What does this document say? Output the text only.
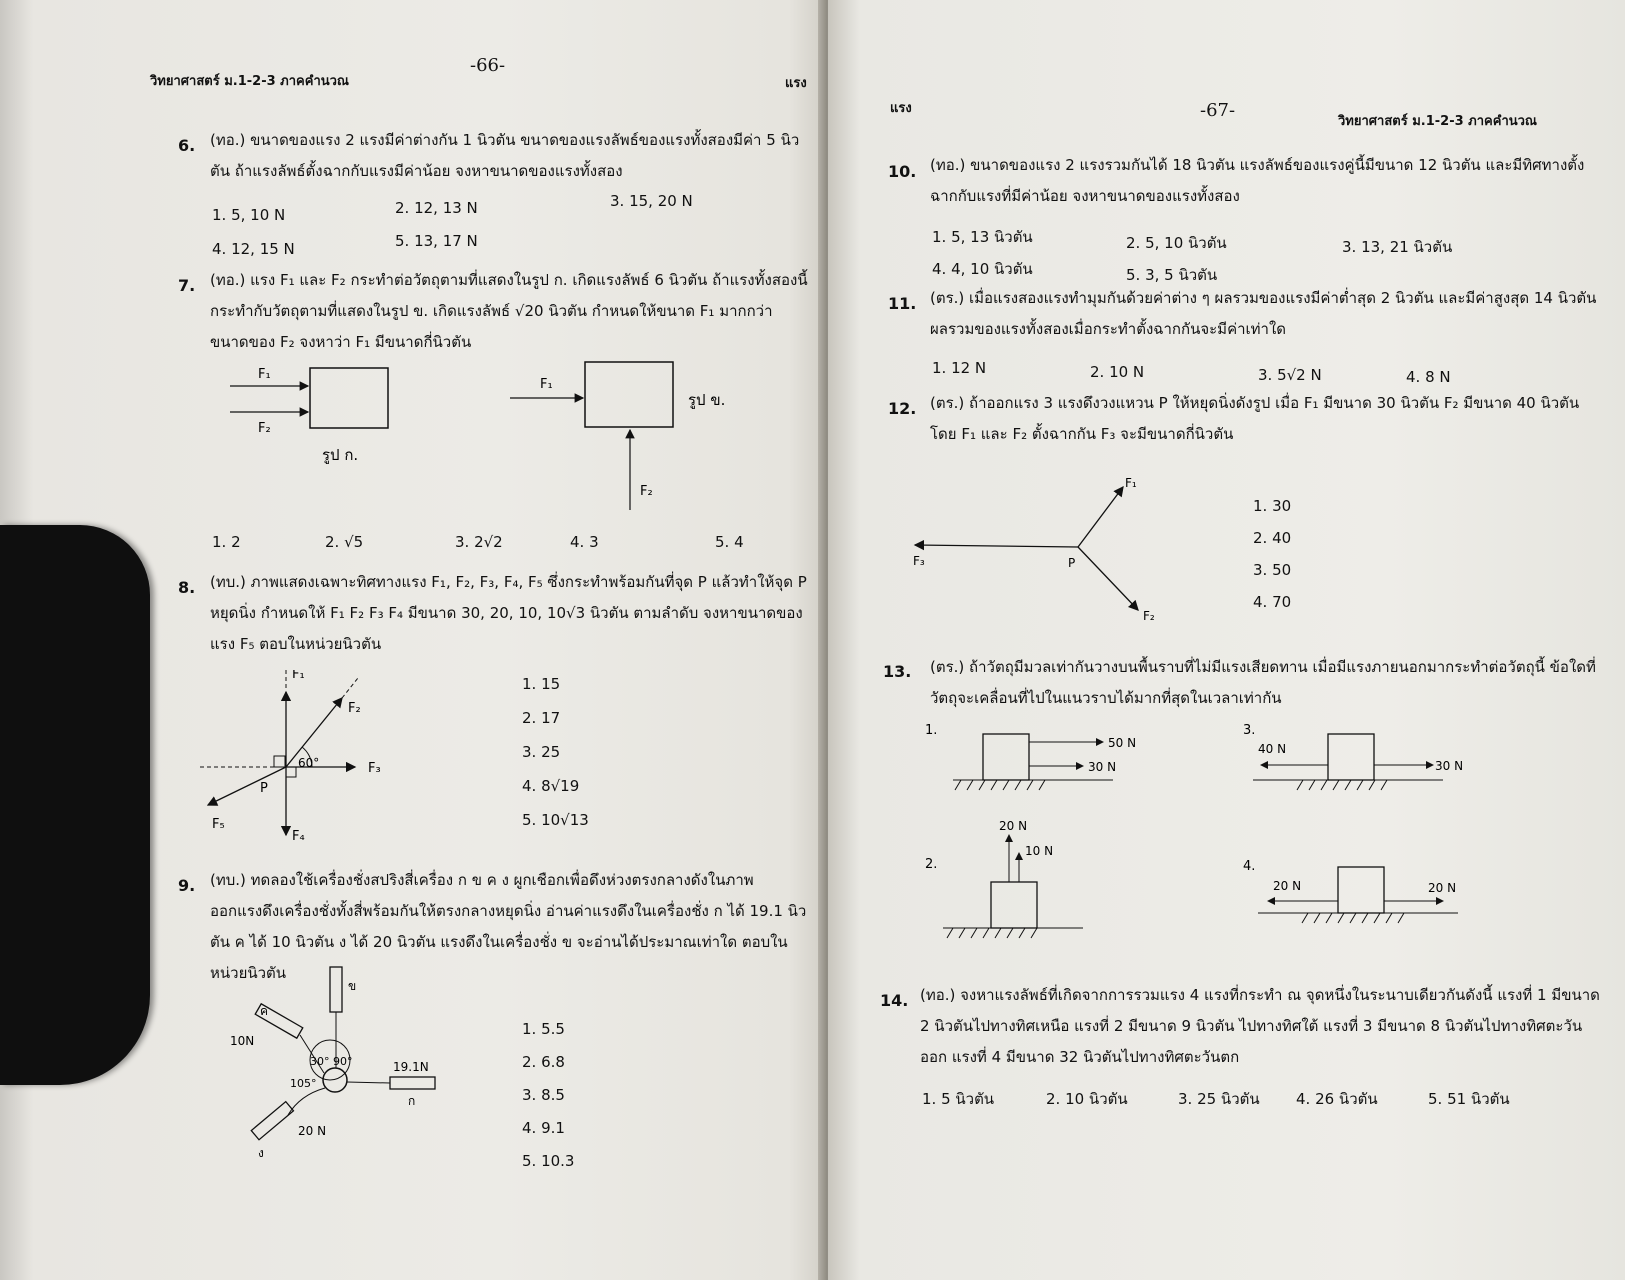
วิทยาศาสตร์ ม.1-2-3 ภาคคำนวณ
-66-
แรง
6. (ทอ.) ขนาดของแรง 2 แรงมีค่าต่างกัน 1 นิวตัน ขนาดของแรงลัพธ์ของแรงทั้งสองมีค่า 5 นิวตัน ถ้าแรงลัพธ์ตั้งฉากกับแรงมีค่าน้อย จงหาขนาดของแรงทั้งสอง
1. 5, 10 N	2. 12, 13 N	3. 15, 20 N
4. 12, 15 N	5. 13, 17 N
7. (ทอ.) แรง F₁ และ F₂ กระทำต่อวัตถุตามที่แสดงในรูป ก. เกิดแรงลัพธ์ 6 นิวตัน ถ้าแรงทั้งสองนี้กระทำกับวัตถุตามที่แสดงในรูป ข. เกิดแรงลัพธ์ √20 นิวตัน กำหนดให้ขนาด F₁ มากกว่าขนาดของ F₂ จงหาว่า F₁ มีขนาดกี่นิวตัน
F₁
F₂
รูป ก.
F₁
F₂
รูป ข.
1. 2	2. √5	3. 2√2	4. 3	5. 4
8. (ทบ.) ภาพแสดงเฉพาะทิศทางแรง F₁, F₂, F₃, F₄, F₅ ซึ่งกระทำพร้อมกันที่จุด P แล้วทำให้จุด P หยุดนิ่ง กำหนดให้ F₁ F₂ F₃ F₄ มีขนาด 30, 20, 10, 10√3 นิวตัน ตามลำดับ จงหาขนาดของแรง F₅ ตอบในหน่วยนิวตัน
F₁
F₂
F₃
F₄
F₅
P
60°
1. 15
2. 17
3. 25
4. 8√19
5. 10√13
9. (ทบ.) ทดลองใช้เครื่องชั่งสปริงสี่เครื่อง ก ข ค ง ผูกเชือกเพื่อดึงห่วงตรงกลางดังในภาพ ออกแรงดึงเครื่องชั่งทั้งสี่พร้อมกันให้ตรงกลางหยุดนิ่ง อ่านค่าแรงดึงในเครื่องชั่ง ก ได้ 19.1 นิวตัน ค ได้ 10 นิวตัน ง ได้ 20 นิวตัน แรงดึงในเครื่องชั่ง ข จะอ่านได้ประมาณเท่าใด ตอบในหน่วยนิวตัน
ข
ค
ก
ง
30° 90°
105°
10N
19.1N
20 N
1. 5.5
2. 6.8
3. 8.5
4. 9.1
5. 10.3
แรง	-67-
วิทยาศาสตร์ ม.1-2-3 ภาคคำนวณ
10. (ทอ.) ขนาดของแรง 2 แรงรวมกันได้ 18 นิวตัน แรงลัพธ์ของแรงคู่นี้มีขนาด 12 นิวตัน และมีทิศทางตั้งฉากกับแรงที่มีค่าน้อย จงหาขนาดของแรงทั้งสอง
1. 5, 13 นิวตัน	2. 5, 10 นิวตัน	3. 13, 21 นิวตัน
4. 4, 10 นิวตัน	5. 3, 5 นิวตัน
11. (ตร.) เมื่อแรงสองแรงทำมุมกันด้วยค่าต่าง ๆ ผลรวมของแรงมีค่าต่ำสุด 2 นิวตัน และมีค่าสูงสุด 14 นิวตัน ผลรวมของแรงทั้งสองเมื่อกระทำตั้งฉากกันจะมีค่าเท่าใด
1. 12 N	2. 10 N	3. 5√2 N	4. 8 N
12. (ตร.) ถ้าออกแรง 3 แรงดึงวงแหวน P ให้หยุดนิ่งดังรูป เมื่อ F₁ มีขนาด 30 นิวตัน F₂ มีขนาด 40 นิวตัน โดย F₁ และ F₂ ตั้งฉากกัน F₃ จะมีขนาดกี่นิวตัน
F₁
F₂
F₃	P
1. 30
2. 40
3. 50
4. 70
13. (ตร.) ถ้าวัตถุมีมวลเท่ากันวางบนพื้นราบที่ไม่มีแรงเสียดทาน เมื่อมีแรงภายนอกมากระทำต่อวัตถุนี้ ข้อใดที่วัตถุจะเคลื่อนที่ไปในแนวราบได้มากที่สุดในเวลาเท่ากัน
1.
50 N
30 N
3.
40 N
30 N
2.
20 N
10 N
4.
20 N	20 N
14. (ทอ.) จงหาแรงลัพธ์ที่เกิดจากการรวมแรง 4 แรงที่กระทำ ณ จุดหนึ่งในระนาบเดียวกันดังนี้ แรงที่ 1 มีขนาด 2 นิวตันไปทางทิศเหนือ แรงที่ 2 มีขนาด 9 นิวตัน ไปทางทิศใต้ แรงที่ 3 มีขนาด 8 นิวตันไปทางทิศตะวันออก แรงที่ 4 มีขนาด 32 นิวตันไปทางทิศตะวันตก
1. 5 นิวตัน	2. 10 นิวตัน	3. 25 นิวตัน 4. 26 นิวตัน	5. 51 นิวตัน
